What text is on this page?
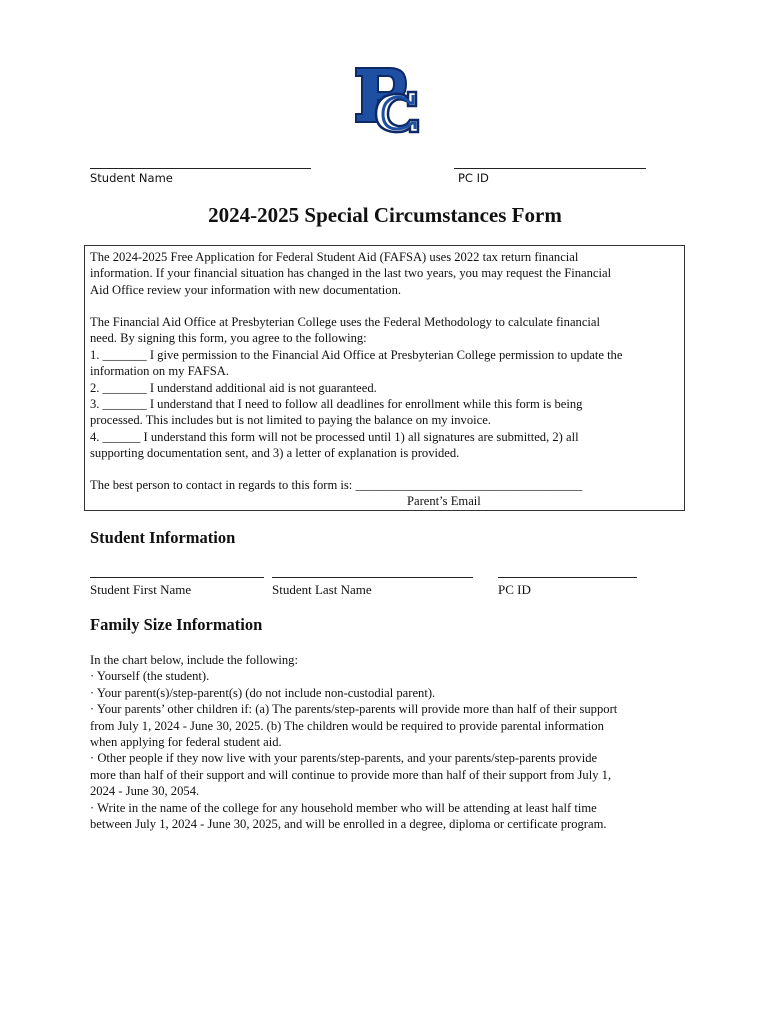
Student Name	PC ID
2024-2025 Special Circumstances Form

The 2024-2025 Free Application for Federal Student Aid (FAFSA) uses 2022 tax return financial

information. If your financial situation has changed in the last two years, you may request the Financial

Aid Office review your information with new documentation.

The Financial Aid Office at Presbyterian College uses the Federal Methodology to calculate financial

need. By signing this form, you agree to the following:

1. _______ I give permission to the Financial Aid Office at Presbyterian College permission to update the

information on my FAFSA.

2. _______ I understand additional aid is not guaranteed.

3. _______ I understand that I need to follow all deadlines for enrollment while this form is being

processed. This includes but is not limited to paying the balance on my invoice.

4. ______ I understand this form will not be processed until 1) all signatures are submitted, 2) all

supporting documentation sent, and 3) a letter of explanation is provided.

The best person to contact in regards to this form is: ____________________________________
Parent’s Email
Student Information
Student First Name	Student Last Name	PC ID
Family Size Information

In the chart below, include the following:

· Yourself (the student).

· Your parent(s)/step-parent(s) (do not include non-custodial parent).

· Your parents’ other children if: (a) The parents/step-parents will provide more than half of their support

from July 1, 2024 - June 30, 2025. (b) The children would be required to provide parental information

when applying for federal student aid.

· Other people if they now live with your parents/step-parents, and your parents/step-parents provide

more than half of their support and will continue to provide more than half of their support from July 1,

2024 - June 30, 2054.

· Write in the name of the college for any household member who will be attending at least half time

between July 1, 2024 - June 30, 2025, and will be enrolled in a degree, diploma or certificate program.
